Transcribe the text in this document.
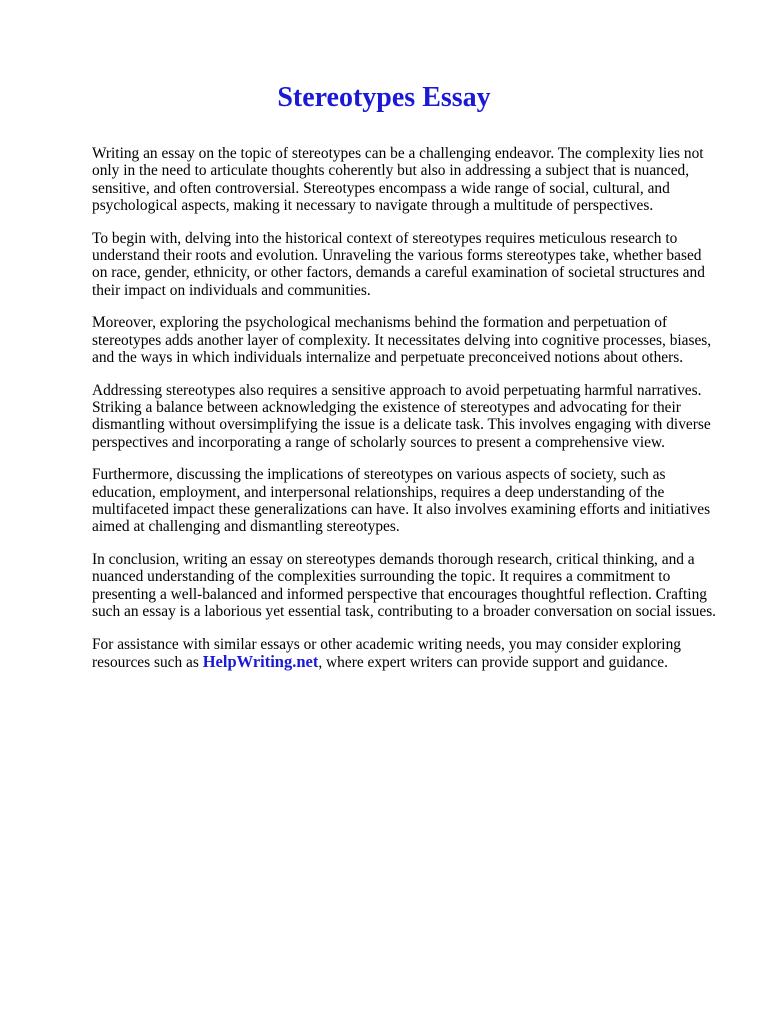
Stereotypes Essay

Writing an essay on the topic of stereotypes can be a challenging endeavor. The complexity lies not
only in the need to articulate thoughts coherently but also in addressing a subject that is nuanced,
sensitive, and often controversial. Stereotypes encompass a wide range of social, cultural, and
psychological aspects, making it necessary to navigate through a multitude of perspectives.

To begin with, delving into the historical context of stereotypes requires meticulous research to
understand their roots and evolution. Unraveling the various forms stereotypes take, whether based
on race, gender, ethnicity, or other factors, demands a careful examination of societal structures and
their impact on individuals and communities.

Moreover, exploring the psychological mechanisms behind the formation and perpetuation of
stereotypes adds another layer of complexity. It necessitates delving into cognitive processes, biases,
and the ways in which individuals internalize and perpetuate preconceived notions about others.

Addressing stereotypes also requires a sensitive approach to avoid perpetuating harmful narratives.
Striking a balance between acknowledging the existence of stereotypes and advocating for their
dismantling without oversimplifying the issue is a delicate task. This involves engaging with diverse
perspectives and incorporating a range of scholarly sources to present a comprehensive view.

Furthermore, discussing the implications of stereotypes on various aspects of society, such as
education, employment, and interpersonal relationships, requires a deep understanding of the
multifaceted impact these generalizations can have. It also involves examining efforts and initiatives
aimed at challenging and dismantling stereotypes.

In conclusion, writing an essay on stereotypes demands thorough research, critical thinking, and a
nuanced understanding of the complexities surrounding the topic. It requires a commitment to
presenting a well-balanced and informed perspective that encourages thoughtful reflection. Crafting
such an essay is a laborious yet essential task, contributing to a broader conversation on social issues.

For assistance with similar essays or other academic writing needs, you may consider exploring
resources such as HelpWriting.net, where expert writers can provide support and guidance.
